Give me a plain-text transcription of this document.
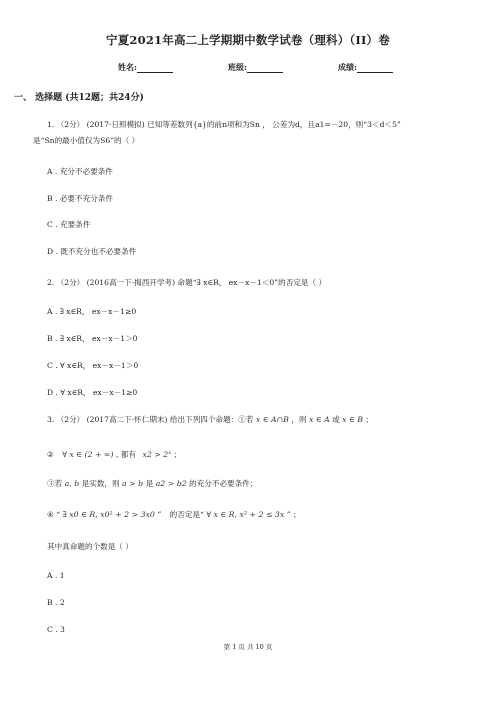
宁夏2021年高二上学期期中数学试卷（理科）（II）卷
姓名:	班级:	成绩:
一、 选择题 (共12题；共24分)
1. （2分） (2017·日照模拟) 已知等差数列{a}的前n项和为Sn ， 公差为d，且a1=－20，则“3＜d＜5”
是“Sn的最小值仅为S6”的（ ）
A . 充分不必要条件
B . 必要不充分条件
C . 充要条件
D . 既不充分也不必要条件
2. （2分） (2016高一下·揭西开学考) 命题“∃ x∈R， ex－x－1＜0”的否定是（ ）
A . ∃ x∈R， ex－x－1≥0
B . ∃ x∈R， ex－x－1＞0
C . ∀ x∈R， ex－x－1＞0
D . ∀ x∈R， ex－x－1≥0
3. （2分） (2017高二下·怀仁期末) 给出下列四个命题：①若 x ∈ A∩B ，则 x ∈ A 或 x ∈ B ；
② ∀ x ∈ (2 + ∞) , 都有 $x2 > 2^x$ ；
③若 a, b 是实数，则 a > b 是 a2 > b2 的充分不必要条件；
④ “ ∃ x0 ∈ R, x0² + 2 > 3x0 ” 的否定是“ ∀ x ∈ R, x² + 2 ≤ 3x ” ；
其中真命题的个数是（ ）
A . 1
B . 2
C . 3
第 1 页 共 10 页
